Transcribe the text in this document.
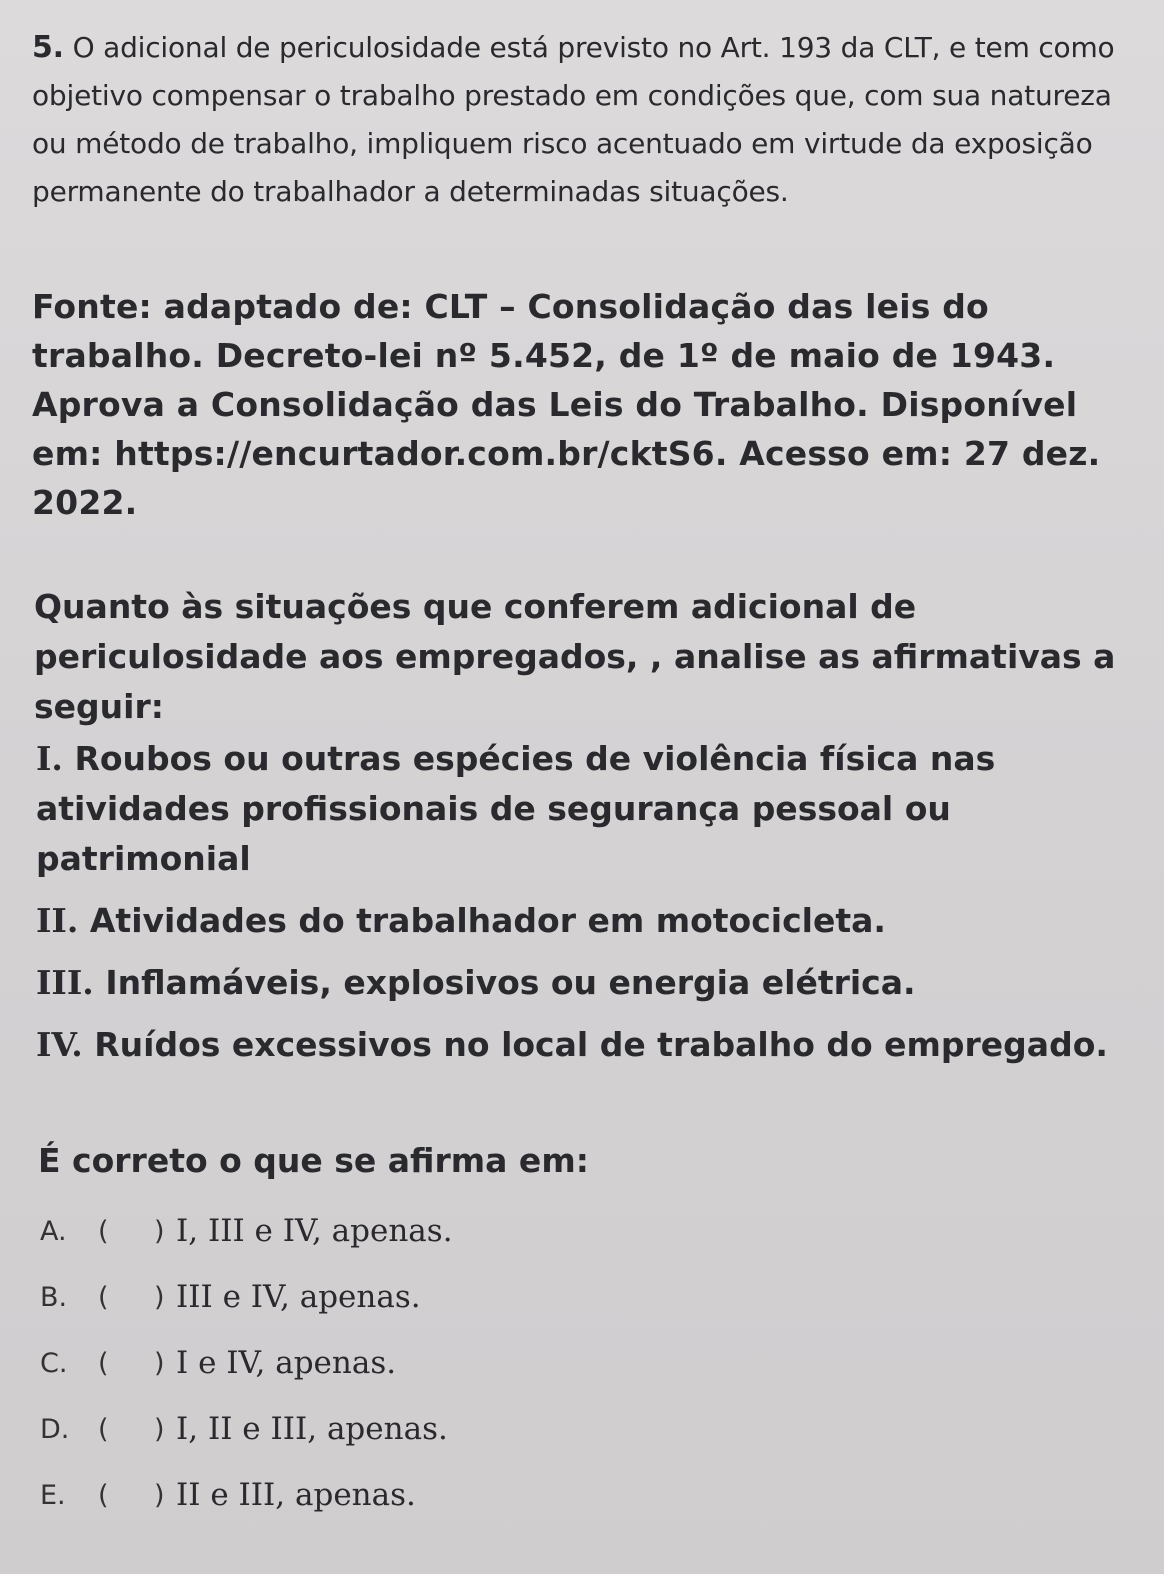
5. O adicional de periculosidade está previsto no Art. 193 da CLT, e tem como objetivo compensar o trabalho prestado em condições que, com sua natureza ou método de trabalho, impliquem risco acentuado em virtude da exposição permanente do trabalhador a determinadas situações.
Fonte: adaptado de: CLT – Consolidação das leis do trabalho. Decreto-lei nº 5.452, de 1º de maio de 1943. Aprova a Consolidação das Leis do Trabalho. Disponível em: https://encurtador.com.br/cktS6. Acesso em: 27 dez. 2022.
Quanto às situações que conferem adicional de periculosidade aos empregados, , analise as afirmativas a seguir:
I. Roubos ou outras espécies de violência física nas atividades profissionais de segurança pessoal ou patrimonial
II. Atividades do trabalhador em motocicleta.
III. Inflamáveis, explosivos ou energia elétrica.
IV. Ruídos excessivos no local de trabalho do empregado.
É correto o que se afirma em:
A.	(	) I, III e IV, apenas.
B.	(	) III e IV, apenas.
C.	(	) I e IV, apenas.
D.	(	) I, II e III, apenas.
E.	(	) II e III, apenas.
